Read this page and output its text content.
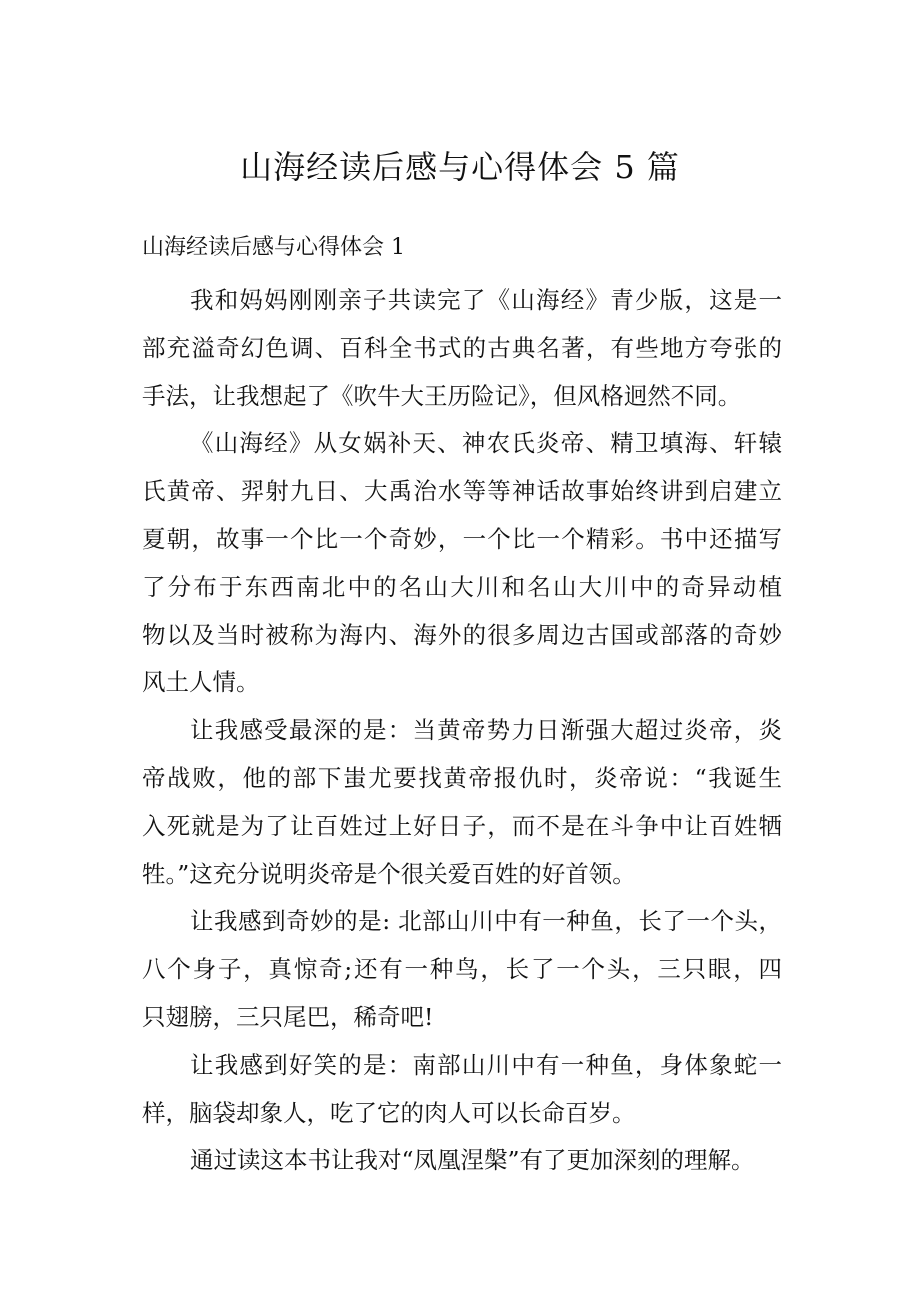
山海经读后感与心得体会 5 篇
山海经读后感与心得体会 1
我和妈妈刚刚亲子共读完了《山海经》青少版，这是一
部充溢奇幻色调、百科全书式的古典名著，有些地方夸张的
手法，让我想起了《吹牛大王历险记》，但风格迥然不同。
《山海经》从女娲补天、神农氏炎帝、精卫填海、轩辕
氏黄帝、羿射九日、大禹治水等等神话故事始终讲到启建立
夏朝，故事一个比一个奇妙，一个比一个精彩。书中还描写
了分布于东西南北中的名山大川和名山大川中的奇异动植
物以及当时被称为海内、海外的很多周边古国或部落的奇妙
风土人情。
让我感受最深的是：当黄帝势力日渐强大超过炎帝，炎
帝战败，他的部下蚩尤要找黄帝报仇时，炎帝说：“我诞生
入死就是为了让百姓过上好日子，而不是在斗争中让百姓牺
牲。”这充分说明炎帝是个很关爱百姓的好首领。
让我感到奇妙的是: 北部山川中有一种鱼，长了一个头，
八个身子，真惊奇;还有一种鸟，长了一个头，三只眼，四
只翅膀，三只尾巴，稀奇吧!
让我感到好笑的是：南部山川中有一种鱼，身体象蛇一
样，脑袋却象人，吃了它的肉人可以长命百岁。
通过读这本书让我对“凤凰涅槃”有了更加深刻的理解。
